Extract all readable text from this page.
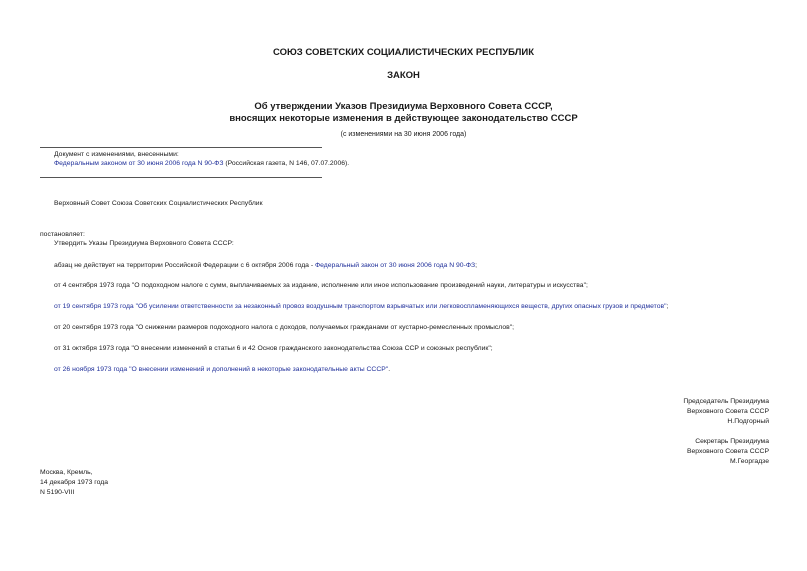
СОЮЗ СОВЕТСКИХ СОЦИАЛИСТИЧЕСКИХ РЕСПУБЛИК
ЗАКОН
Об утверждении Указов Президиума Верховного Совета СССР,
вносящих некоторые изменения в действующее законодательство СССР
(с изменениями на 30 июня 2006 года)
Документ с изменениями, внесенными:
Федеральным законом от 30 июня 2006 года N 90-ФЗ (Российская газета, N 146, 07.07.2006).
Верховный Совет Союза Советских Социалистических Республик
постановляет:
Утвердить Указы Президиума Верховного Совета СССР:
абзац не действует на территории Российской Федерации с 6 октября 2006 года - Федеральный закон от 30 июня 2006 года N 90-ФЗ;
от 4 сентября 1973 года "О подоходном налоге с сумм, выплачиваемых за издание, исполнение или иное использование произведений науки, литературы и искусства";
от 19 сентября 1973 года "Об усилении ответственности за незаконный провоз воздушным транспортом взрывчатых или легковоспламеняющихся веществ, других опасных грузов и предметов";
от 20 сентября 1973 года "О снижении размеров подоходного налога с доходов, получаемых гражданами от кустарно-ремесленных промыслов";
от 31 октября 1973 года "О внесении изменений в статьи 6 и 42 Основ гражданского законодательства Союза ССР и союзных республик";
от 26 ноября 1973 года "О внесении изменений и дополнений в некоторые законодательные акты СССР".
Председатель Президиума
Верховного Совета СССР
Н.Подгорный
Секретарь Президиума
Верховного Совета СССР
М.Георгадзе
Москва, Кремль,
14 декабря 1973 года
N 5190-VIII
